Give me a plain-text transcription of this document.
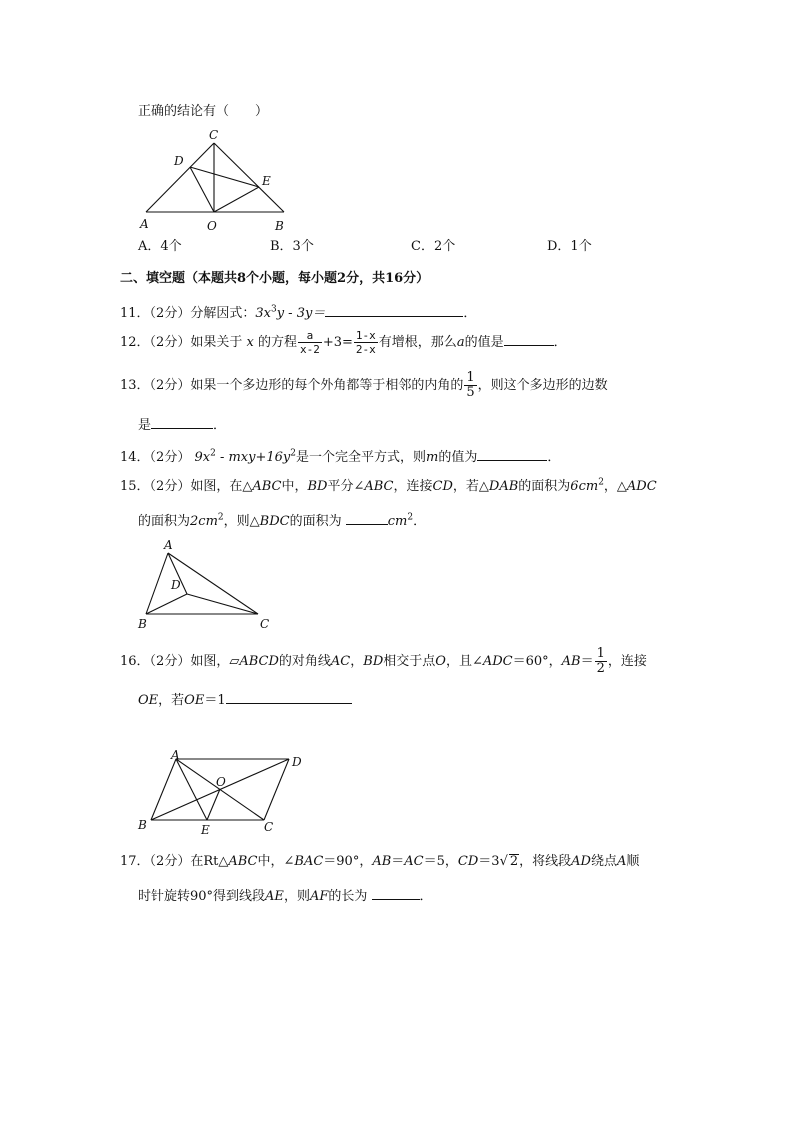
正确的结论有（　　）
C
D
E
A	O	B
A
D
B	C
A	D
O
B	E	C
A．4个	B．3个	C．2个	D．1个
二、填空题（本题共8个小题，每小题2分，共16分）
11．（2分）分解因式：$3x^3y - 3y=$	．
12．（2分）如果关于 x 的方程 $\frac{a}{x-2} +3= \frac{1-x}{2-x}$ 有增根，那么a的值是	．
13．（2分）如果一个多边形的每个外角都等于相邻的内角的 $\frac{1}{5}$ ，则这个多边形的边数
是	．
14．（2分） $9x^2 - mxy+16y^2$是一个完全平方式，则m的值为	．
15．（2分）如图，在△ABC中，BD平分∠ABC，连接CD，若△DAB的面积为$6cm^2$，△ADC
的面积为$2cm^2$，则△BDC的面积为	$cm^2$．
16．（2分）如图，▱ABCD的对角线AC，BD相交于点O，且∠ADC＝60°，$AB= \frac{1}{2}$ ，连接
OE，若OE＝1
17．（2分）在Rt△ABC中，∠BAC＝90°，AB＝AC＝5，CD＝3√ 2，将线段AD绕点A顺
时针旋转90°得到线段AE，则AF的长为	．
